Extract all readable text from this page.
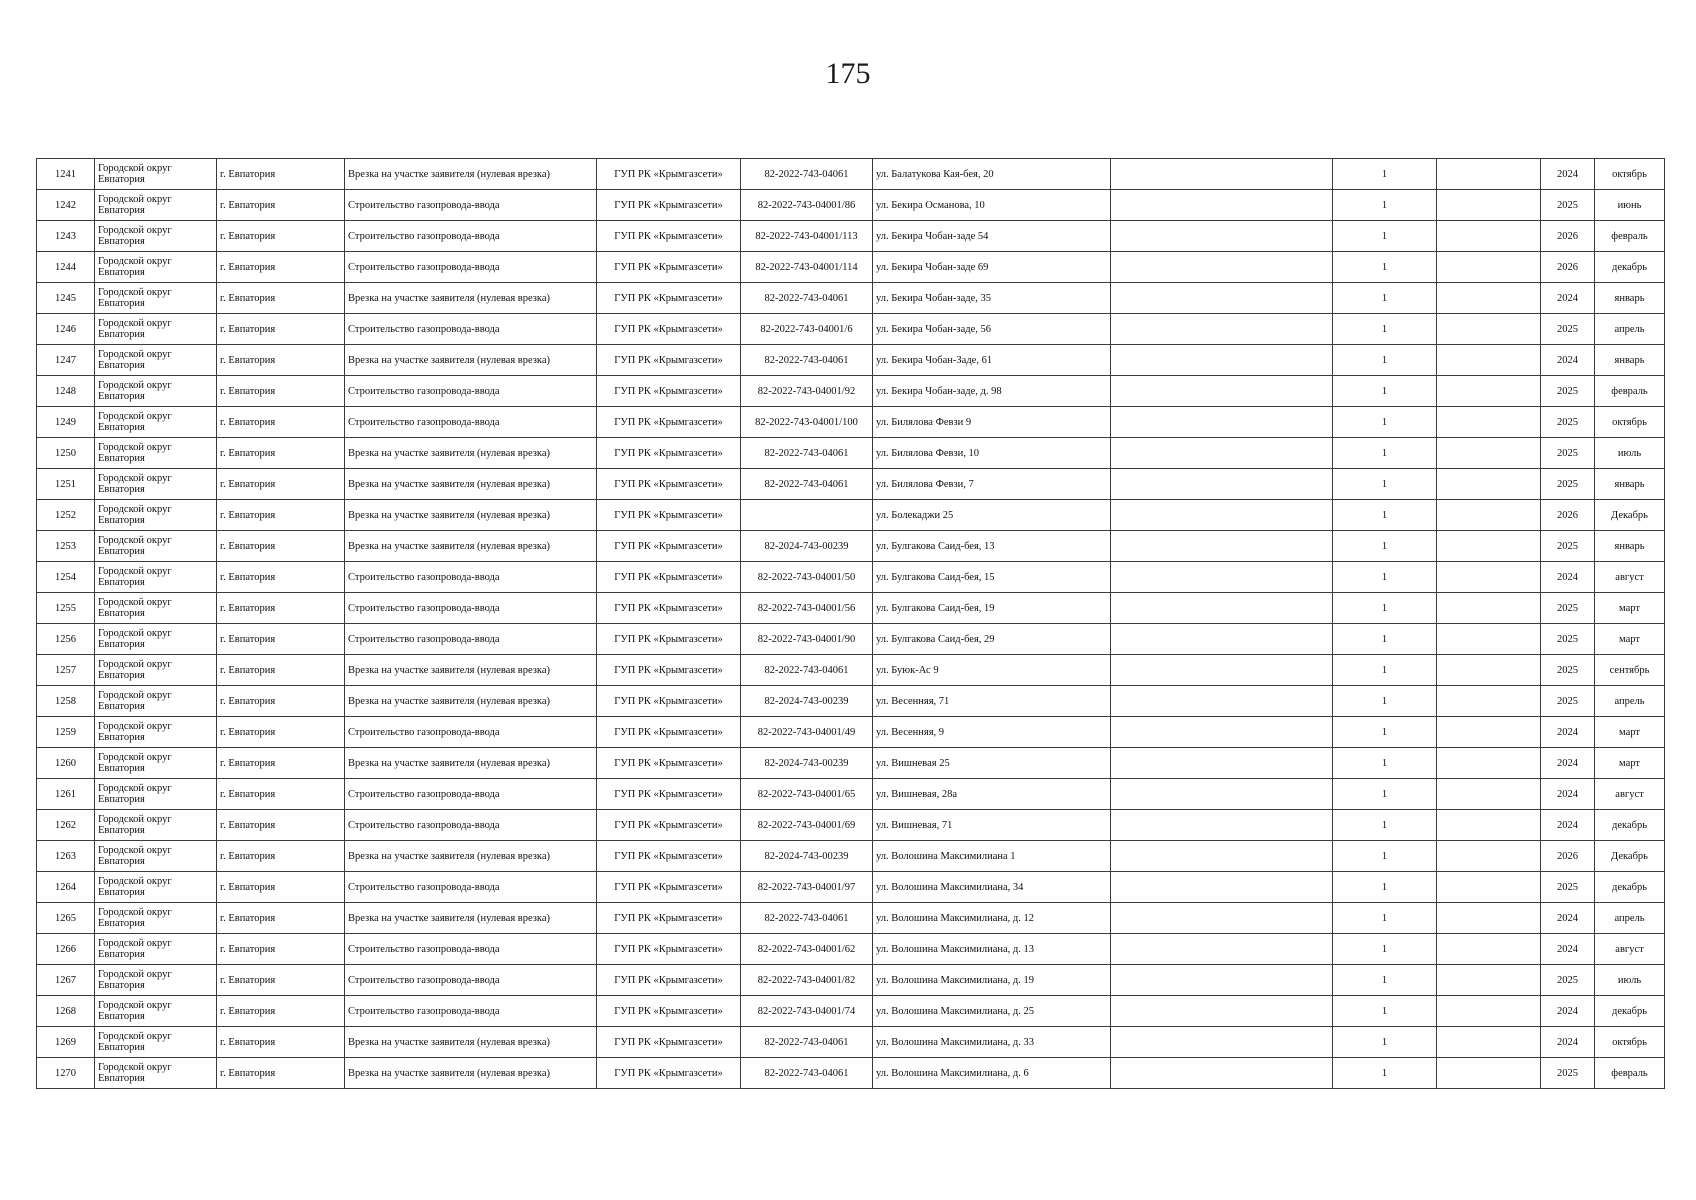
175
1241	Городской округ Евпатория	г. Евпатория	Врезка на участке заявителя (нулевая врезка)	ГУП РК «Крымгазсети»	82-2022-743-04061	ул. Балатукова Кая-бея, 20		1		2024	октябрь
1242	Городской округ Евпатория	г. Евпатория	Строительство газопровода-ввода	ГУП РК «Крымгазсети»	82-2022-743-04001/86	ул. Бекира Османова, 10		1		2025	июнь
1243	Городской округ Евпатория	г. Евпатория	Строительство газопровода-ввода	ГУП РК «Крымгазсети»	82-2022-743-04001/113	ул. Бекира Чобан-заде 54		1		2026	февраль
1244	Городской округ Евпатория	г. Евпатория	Строительство газопровода-ввода	ГУП РК «Крымгазсети»	82-2022-743-04001/114	ул. Бекира Чобан-заде 69		1		2026	декабрь
1245	Городской округ Евпатория	г. Евпатория	Врезка на участке заявителя (нулевая врезка)	ГУП РК «Крымгазсети»	82-2022-743-04061	ул. Бекира Чобан-заде, 35		1		2024	январь
1246	Городской округ Евпатория	г. Евпатория	Строительство газопровода-ввода	ГУП РК «Крымгазсети»	82-2022-743-04001/6	ул. Бекира Чобан-заде, 56		1		2025	апрель
1247	Городской округ Евпатория	г. Евпатория	Врезка на участке заявителя (нулевая врезка)	ГУП РК «Крымгазсети»	82-2022-743-04061	ул. Бекира Чобан-Заде, 61		1		2024	январь
1248	Городской округ Евпатория	г. Евпатория	Строительство газопровода-ввода	ГУП РК «Крымгазсети»	82-2022-743-04001/92	ул. Бекира Чобан-заде, д. 98		1		2025	февраль
1249	Городской округ Евпатория	г. Евпатория	Строительство газопровода-ввода	ГУП РК «Крымгазсети»	82-2022-743-04001/100	ул. Билялова Февзи 9		1		2025	октябрь
1250	Городской округ Евпатория	г. Евпатория	Врезка на участке заявителя (нулевая врезка)	ГУП РК «Крымгазсети»	82-2022-743-04061	ул. Билялова Февзи, 10		1		2025	июль
1251	Городской округ Евпатория	г. Евпатория	Врезка на участке заявителя (нулевая врезка)	ГУП РК «Крымгазсети»	82-2022-743-04061	ул. Билялова Февзи, 7		1		2025	январь
1252	Городской округ Евпатория	г. Евпатория	Врезка на участке заявителя (нулевая врезка)	ГУП РК «Крымгазсети»		ул. Болекаджи 25		1		2026	Декабрь
1253	Городской округ Евпатория	г. Евпатория	Врезка на участке заявителя (нулевая врезка)	ГУП РК «Крымгазсети»	82-2024-743-00239	ул. Булгакова Саид-бея, 13		1		2025	январь
1254	Городской округ Евпатория	г. Евпатория	Строительство газопровода-ввода	ГУП РК «Крымгазсети»	82-2022-743-04001/50	ул. Булгакова Саид-бея, 15		1		2024	август
1255	Городской округ Евпатория	г. Евпатория	Строительство газопровода-ввода	ГУП РК «Крымгазсети»	82-2022-743-04001/56	ул. Булгакова Саид-бея, 19		1		2025	март
1256	Городской округ Евпатория	г. Евпатория	Строительство газопровода-ввода	ГУП РК «Крымгазсети»	82-2022-743-04001/90	ул. Булгакова Саид-бея, 29		1		2025	март
1257	Городской округ Евпатория	г. Евпатория	Врезка на участке заявителя (нулевая врезка)	ГУП РК «Крымгазсети»	82-2022-743-04061	ул. Буюк-Ас 9		1		2025	сентябрь
1258	Городской округ Евпатория	г. Евпатория	Врезка на участке заявителя (нулевая врезка)	ГУП РК «Крымгазсети»	82-2024-743-00239	ул. Весенняя, 71		1		2025	апрель
1259	Городской округ Евпатория	г. Евпатория	Строительство газопровода-ввода	ГУП РК «Крымгазсети»	82-2022-743-04001/49	ул. Весенняя, 9		1		2024	март
1260	Городской округ Евпатория	г. Евпатория	Врезка на участке заявителя (нулевая врезка)	ГУП РК «Крымгазсети»	82-2024-743-00239	ул. Вишневая 25		1		2024	март
1261	Городской округ Евпатория	г. Евпатория	Строительство газопровода-ввода	ГУП РК «Крымгазсети»	82-2022-743-04001/65	ул. Вишневая, 28а		1		2024	август
1262	Городской округ Евпатория	г. Евпатория	Строительство газопровода-ввода	ГУП РК «Крымгазсети»	82-2022-743-04001/69	ул. Вишневая, 71		1		2024	декабрь
1263	Городской округ Евпатория	г. Евпатория	Врезка на участке заявителя (нулевая врезка)	ГУП РК «Крымгазсети»	82-2024-743-00239	ул. Волошина Максимилиана 1		1		2026	Декабрь
1264	Городской округ Евпатория	г. Евпатория	Строительство газопровода-ввода	ГУП РК «Крымгазсети»	82-2022-743-04001/97	ул. Волошина Максимилиана, 34		1		2025	декабрь
1265	Городской округ Евпатория	г. Евпатория	Врезка на участке заявителя (нулевая врезка)	ГУП РК «Крымгазсети»	82-2022-743-04061	ул. Волошина Максимилиана, д. 12		1		2024	апрель
1266	Городской округ Евпатория	г. Евпатория	Строительство газопровода-ввода	ГУП РК «Крымгазсети»	82-2022-743-04001/62	ул. Волошина Максимилиана, д. 13		1		2024	август
1267	Городской округ Евпатория	г. Евпатория	Строительство газопровода-ввода	ГУП РК «Крымгазсети»	82-2022-743-04001/82	ул. Волошина Максимилиана, д. 19		1		2025	июль
1268	Городской округ Евпатория	г. Евпатория	Строительство газопровода-ввода	ГУП РК «Крымгазсети»	82-2022-743-04001/74	ул. Волошина Максимилиана, д. 25		1		2024	декабрь
1269	Городской округ Евпатория	г. Евпатория	Врезка на участке заявителя (нулевая врезка)	ГУП РК «Крымгазсети»	82-2022-743-04061	ул. Волошина Максимилиана, д. 33		1		2024	октябрь
1270	Городской округ Евпатория	г. Евпатория	Врезка на участке заявителя (нулевая врезка)	ГУП РК «Крымгазсети»	82-2022-743-04061	ул. Волошина Максимилиана, д. 6		1		2025	февраль
